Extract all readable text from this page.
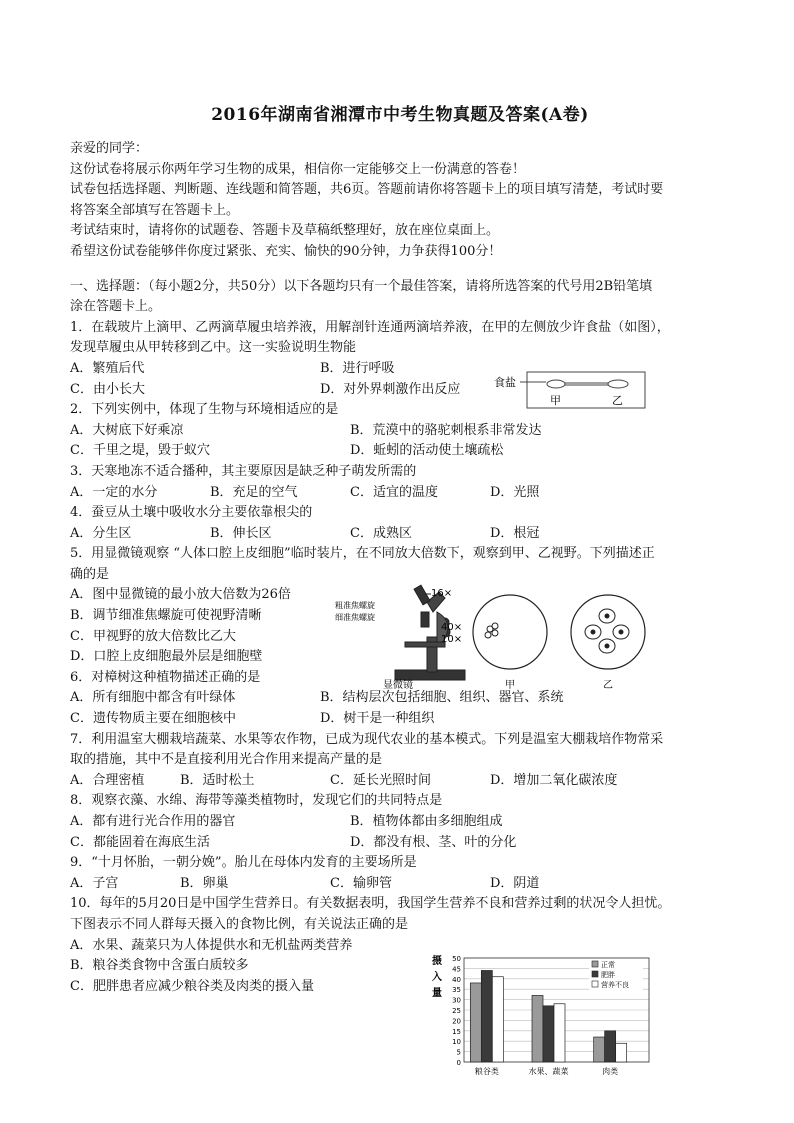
2016年湖南省湘潭市中考生物真题及答案(A卷)
亲爱的同学：
这份试卷将展示你两年学习生物的成果，相信你一定能够交上一份满意的答卷！
试卷包括选择题、判断题、连线题和简答题，共6页。答题前请你将答题卡上的项目填写清楚，考试时要
将答案全部填写在答题卡上。
考试结束时，请将你的试题卷、答题卡及草稿纸整理好，放在座位桌面上。
希望这份试卷能够伴你度过紧张、充实、愉快的90分钟，力争获得100分！
一、选择题：（每小题2分，共50分）以下各题均只有一个最佳答案，请将所选答案的代号用2B铅笔填
涂在答题卡上。
1．在载玻片上滴甲、乙两滴草履虫培养液，用解剖针连通两滴培养液，在甲的左侧放少许食盐（如图），
发现草履虫从甲转移到乙中。这一实验说明生物能
A．繁殖后代	B．进行呼吸
C．由小长大	D．对外界刺激作出反应
2．下列实例中，体现了生物与环境相适应的是
A．大树底下好乘凉	B．荒漠中的骆驼刺根系非常发达
C．千里之堤，毁于蚁穴	D．蚯蚓的活动使土壤疏松
3．天寒地冻不适合播种，其主要原因是缺乏种子萌发所需的
A．一定的水分	B．充足的空气	C．适宜的温度	D．光照
4．蚕豆从土壤中吸收水分主要依靠根尖的
A．分生区	B．伸长区	C．成熟区	D．根冠
5．用显微镜观察 “人体口腔上皮细胞”临时装片，在不同放大倍数下，观察到甲、乙视野。下列描述正
确的是
A．图中显微镜的最小放大倍数为26倍
B．调节细准焦螺旋可使视野清晰
C．甲视野的放大倍数比乙大
D．口腔上皮细胞最外层是细胞壁
6．对樟树这种植物描述正确的是
A．所有细胞中都含有叶绿体	B．结构层次包括细胞、组织、器官、系统
C．遗传物质主要在细胞核中	D．树干是一种组织
7．利用温室大棚栽培蔬菜、水果等农作物，已成为现代农业的基本模式。下列是温室大棚栽培作物常采
取的措施，其中不是直接利用光合作用来提高产量的是
A．合理密植	B．适时松土	C．延长光照时间	D．增加二氧化碳浓度
8．观察衣藻、水绵、海带等藻类植物时，发现它们的共同特点是
A．都有进行光合作用的器官	B．植物体都由多细胞组成
C．都能固着在海底生活	D．都没有根、茎、叶的分化
9．“十月怀胎，一朝分娩”。胎儿在母体内发育的主要场所是
A．子宫	B．卵巢	C．输卵管	D．阴道
10．每年的5月20日是中国学生营养日。有关数据表明，我国学生营养不良和营养过剩的状况令人担忧。
下图表示不同人群每天摄入的食物比例，有关说法正确的是
A．水果、蔬菜只为人体提供水和无机盐两类营养
B．粮谷类食物中含蛋白质较多
C．肥胖患者应减少粮谷类及肉类的摄入量
食盐
甲	乙
粗准焦螺旋
细准焦螺旋
16×
40×
10×
显微镜	甲	乙
摄入量
0
5
10
15
20
25
30
35
40
45
50
粮谷类	水果、蔬菜	肉类
正常
肥胖
营养不良
